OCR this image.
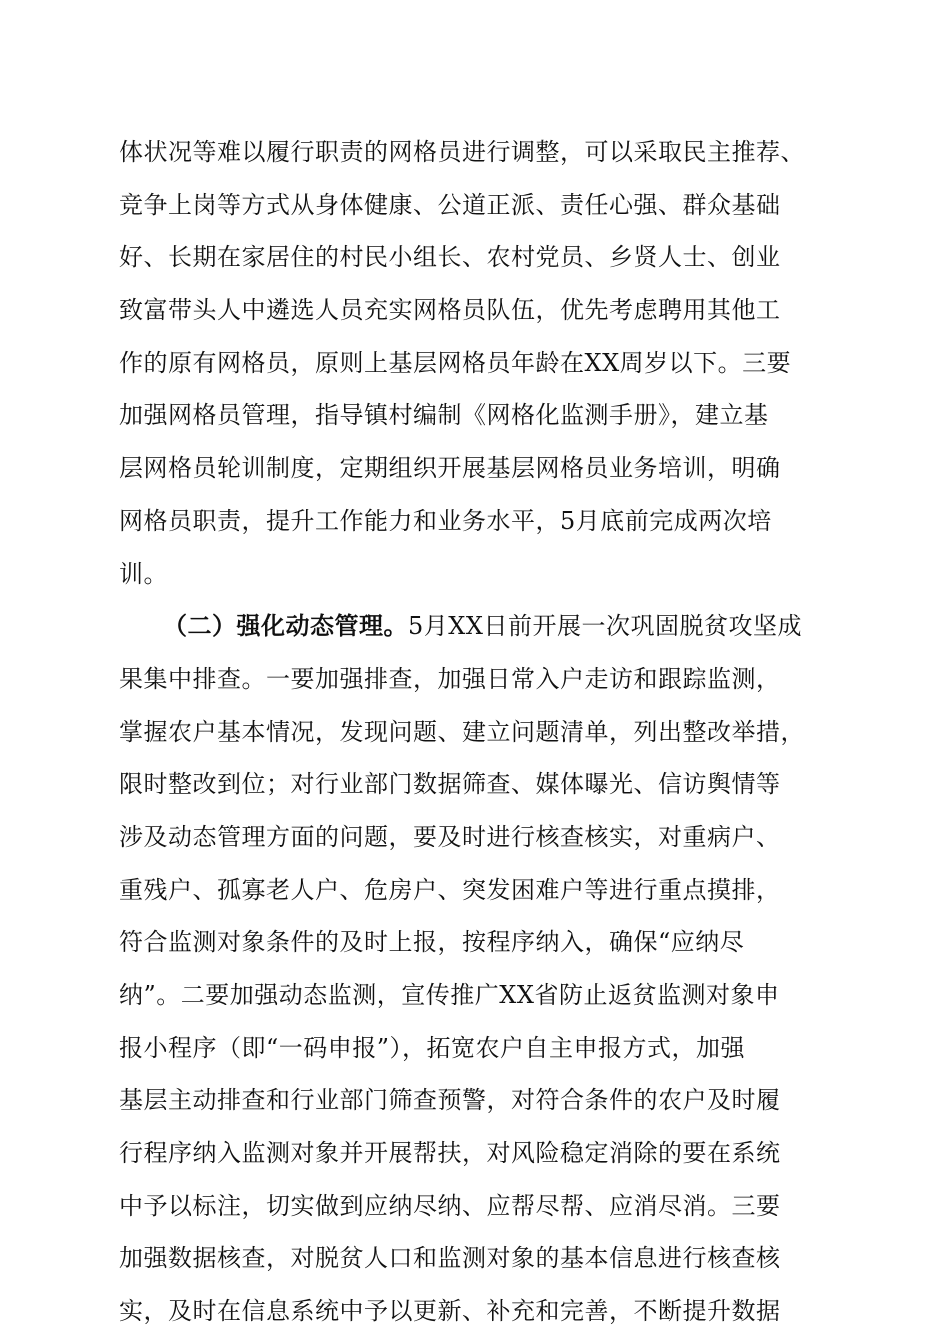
体状况等难以履行职责的网格员进行调整，可以采取民主推荐、
竞争上岗等方式从身体健康、公道正派、责任心强、群众基础
好、长期在家居住的村民小组长、农村党员、乡贤人士、创业
致富带头人中遴选人员充实网格员队伍，优先考虑聘用其他工
作的原有网格员，原则上基层网格员年龄在XX周岁以下。三要
加强网格员管理，指导镇村编制《网格化监测手册》，建立基
层网格员轮训制度，定期组织开展基层网格员业务培训，明确
网格员职责，提升工作能力和业务水平，5月底前完成两次培
训。
（二）强化动态管理。5月XX日前开展一次巩固脱贫攻坚成
果集中排查。一要加强排查，加强日常入户走访和跟踪监测，
掌握农户基本情况，发现问题、建立问题清单，列出整改举措，
限时整改到位；对行业部门数据筛查、媒体曝光、信访舆情等
涉及动态管理方面的问题，要及时进行核查核实，对重病户、
重残户、孤寡老人户、危房户、突发困难户等进行重点摸排，
符合监测对象条件的及时上报，按程序纳入，确保“应纳尽
纳”。二要加强动态监测，宣传推广XX省防止返贫监测对象申
报小程序（即“一码申报”），拓宽农户自主申报方式，加强
基层主动排查和行业部门筛查预警，对符合条件的农户及时履
行程序纳入监测对象并开展帮扶，对风险稳定消除的要在系统
中予以标注，切实做到应纳尽纳、应帮尽帮、应消尽消。三要
加强数据核查，对脱贫人口和监测对象的基本信息进行核查核
实，及时在信息系统中予以更新、补充和完善，不断提升数据
